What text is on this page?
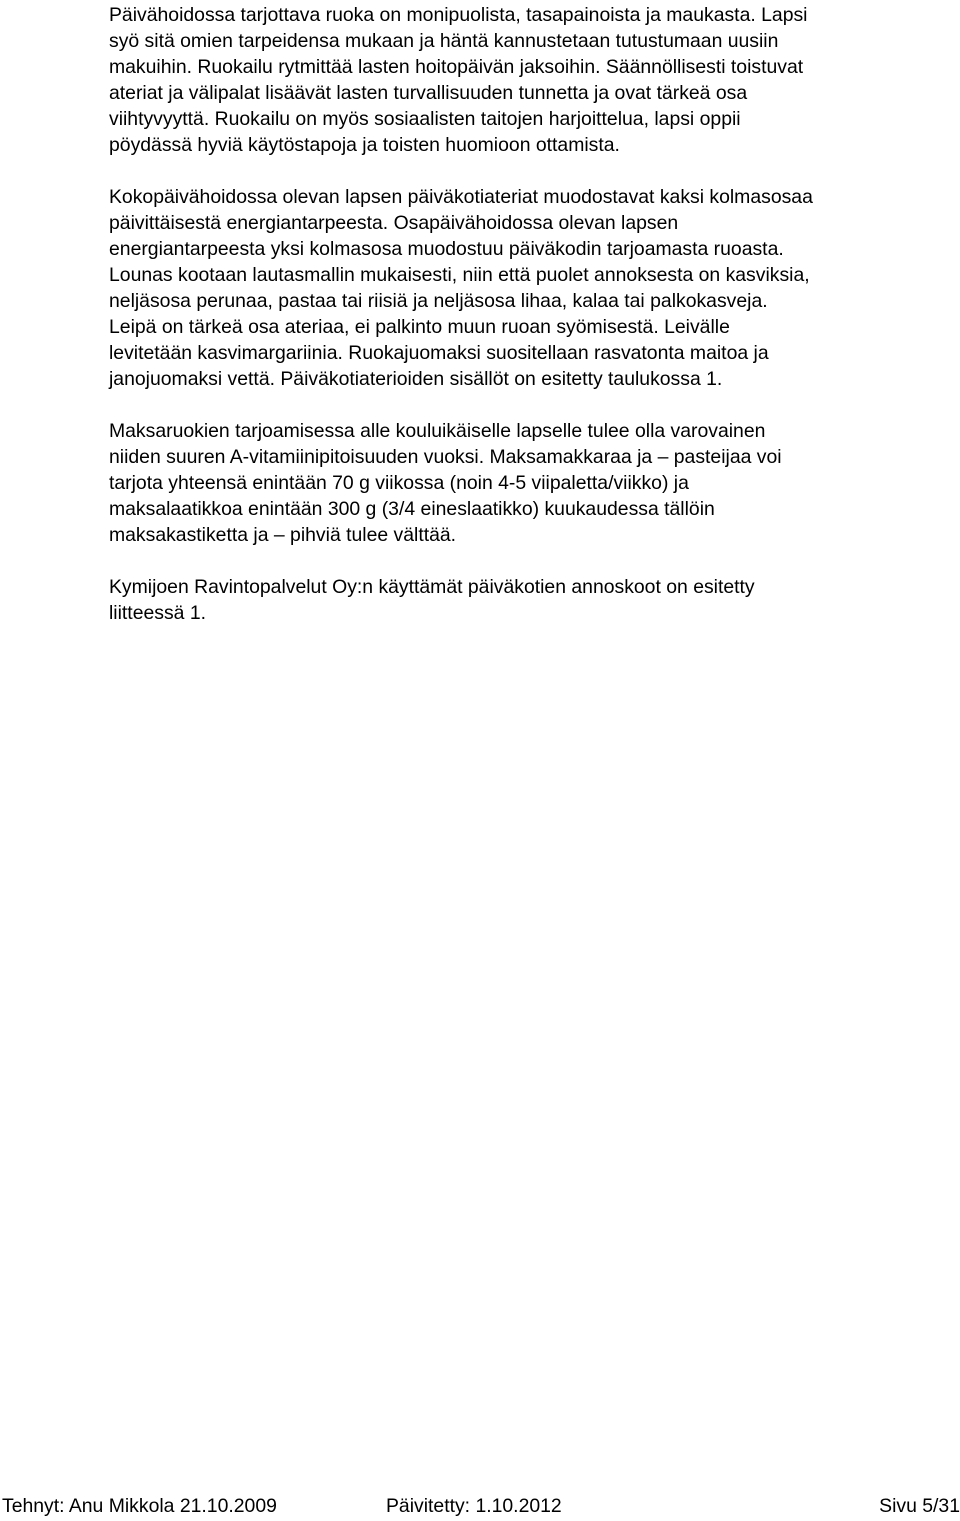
Päivähoidossa tarjottava ruoka on monipuolista, tasapainoista ja maukasta. Lapsi
syö sitä omien tarpeidensa mukaan ja häntä kannustetaan tutustumaan uusiin
makuihin. Ruokailu rytmittää lasten hoitopäivän jaksoihin. Säännöllisesti toistuvat
ateriat ja välipalat lisäävät lasten turvallisuuden tunnetta ja ovat tärkeä osa
viihtyvyyttä. Ruokailu on myös sosiaalisten taitojen harjoittelua, lapsi oppii
pöydässä hyviä käytöstapoja ja toisten huomioon ottamista.

Kokopäivähoidossa olevan lapsen päiväkotiateriat muodostavat kaksi kolmasosaa
päivittäisestä energiantarpeesta. Osapäivähoidossa olevan lapsen
energiantarpeesta yksi kolmasosa muodostuu päiväkodin tarjoamasta ruoasta.
Lounas kootaan lautasmallin mukaisesti, niin että puolet annoksesta on kasviksia,
neljäsosa perunaa, pastaa tai riisiä ja neljäsosa lihaa, kalaa tai palkokasveja.
Leipä on tärkeä osa ateriaa, ei palkinto muun ruoan syömisestä. Leivälle
levitetään kasvimargariinia. Ruokajuomaksi suositellaan rasvatonta maitoa ja
janojuomaksi vettä. Päiväkotiaterioiden sisällöt on esitetty taulukossa 1.

Maksaruokien tarjoamisessa alle kouluikäiselle lapselle tulee olla varovainen
niiden suuren A-vitamiinipitoisuuden vuoksi. Maksamakkaraa ja – pasteijaa voi
tarjota yhteensä enintään 70 g viikossa (noin 4-5 viipaletta/viikko) ja
maksalaatikkoa enintään 300 g (3/4 eineslaatikko) kuukaudessa tällöin
maksakastiketta ja – pihviä tulee välttää.

Kymijoen Ravintopalvelut Oy:n käyttämät päiväkotien annoskoot on esitetty
liitteessä 1.

Tehnyt: Anu Mikkola 21.10.2009	Päivitetty: 1.10.2012	Sivu 5/31
